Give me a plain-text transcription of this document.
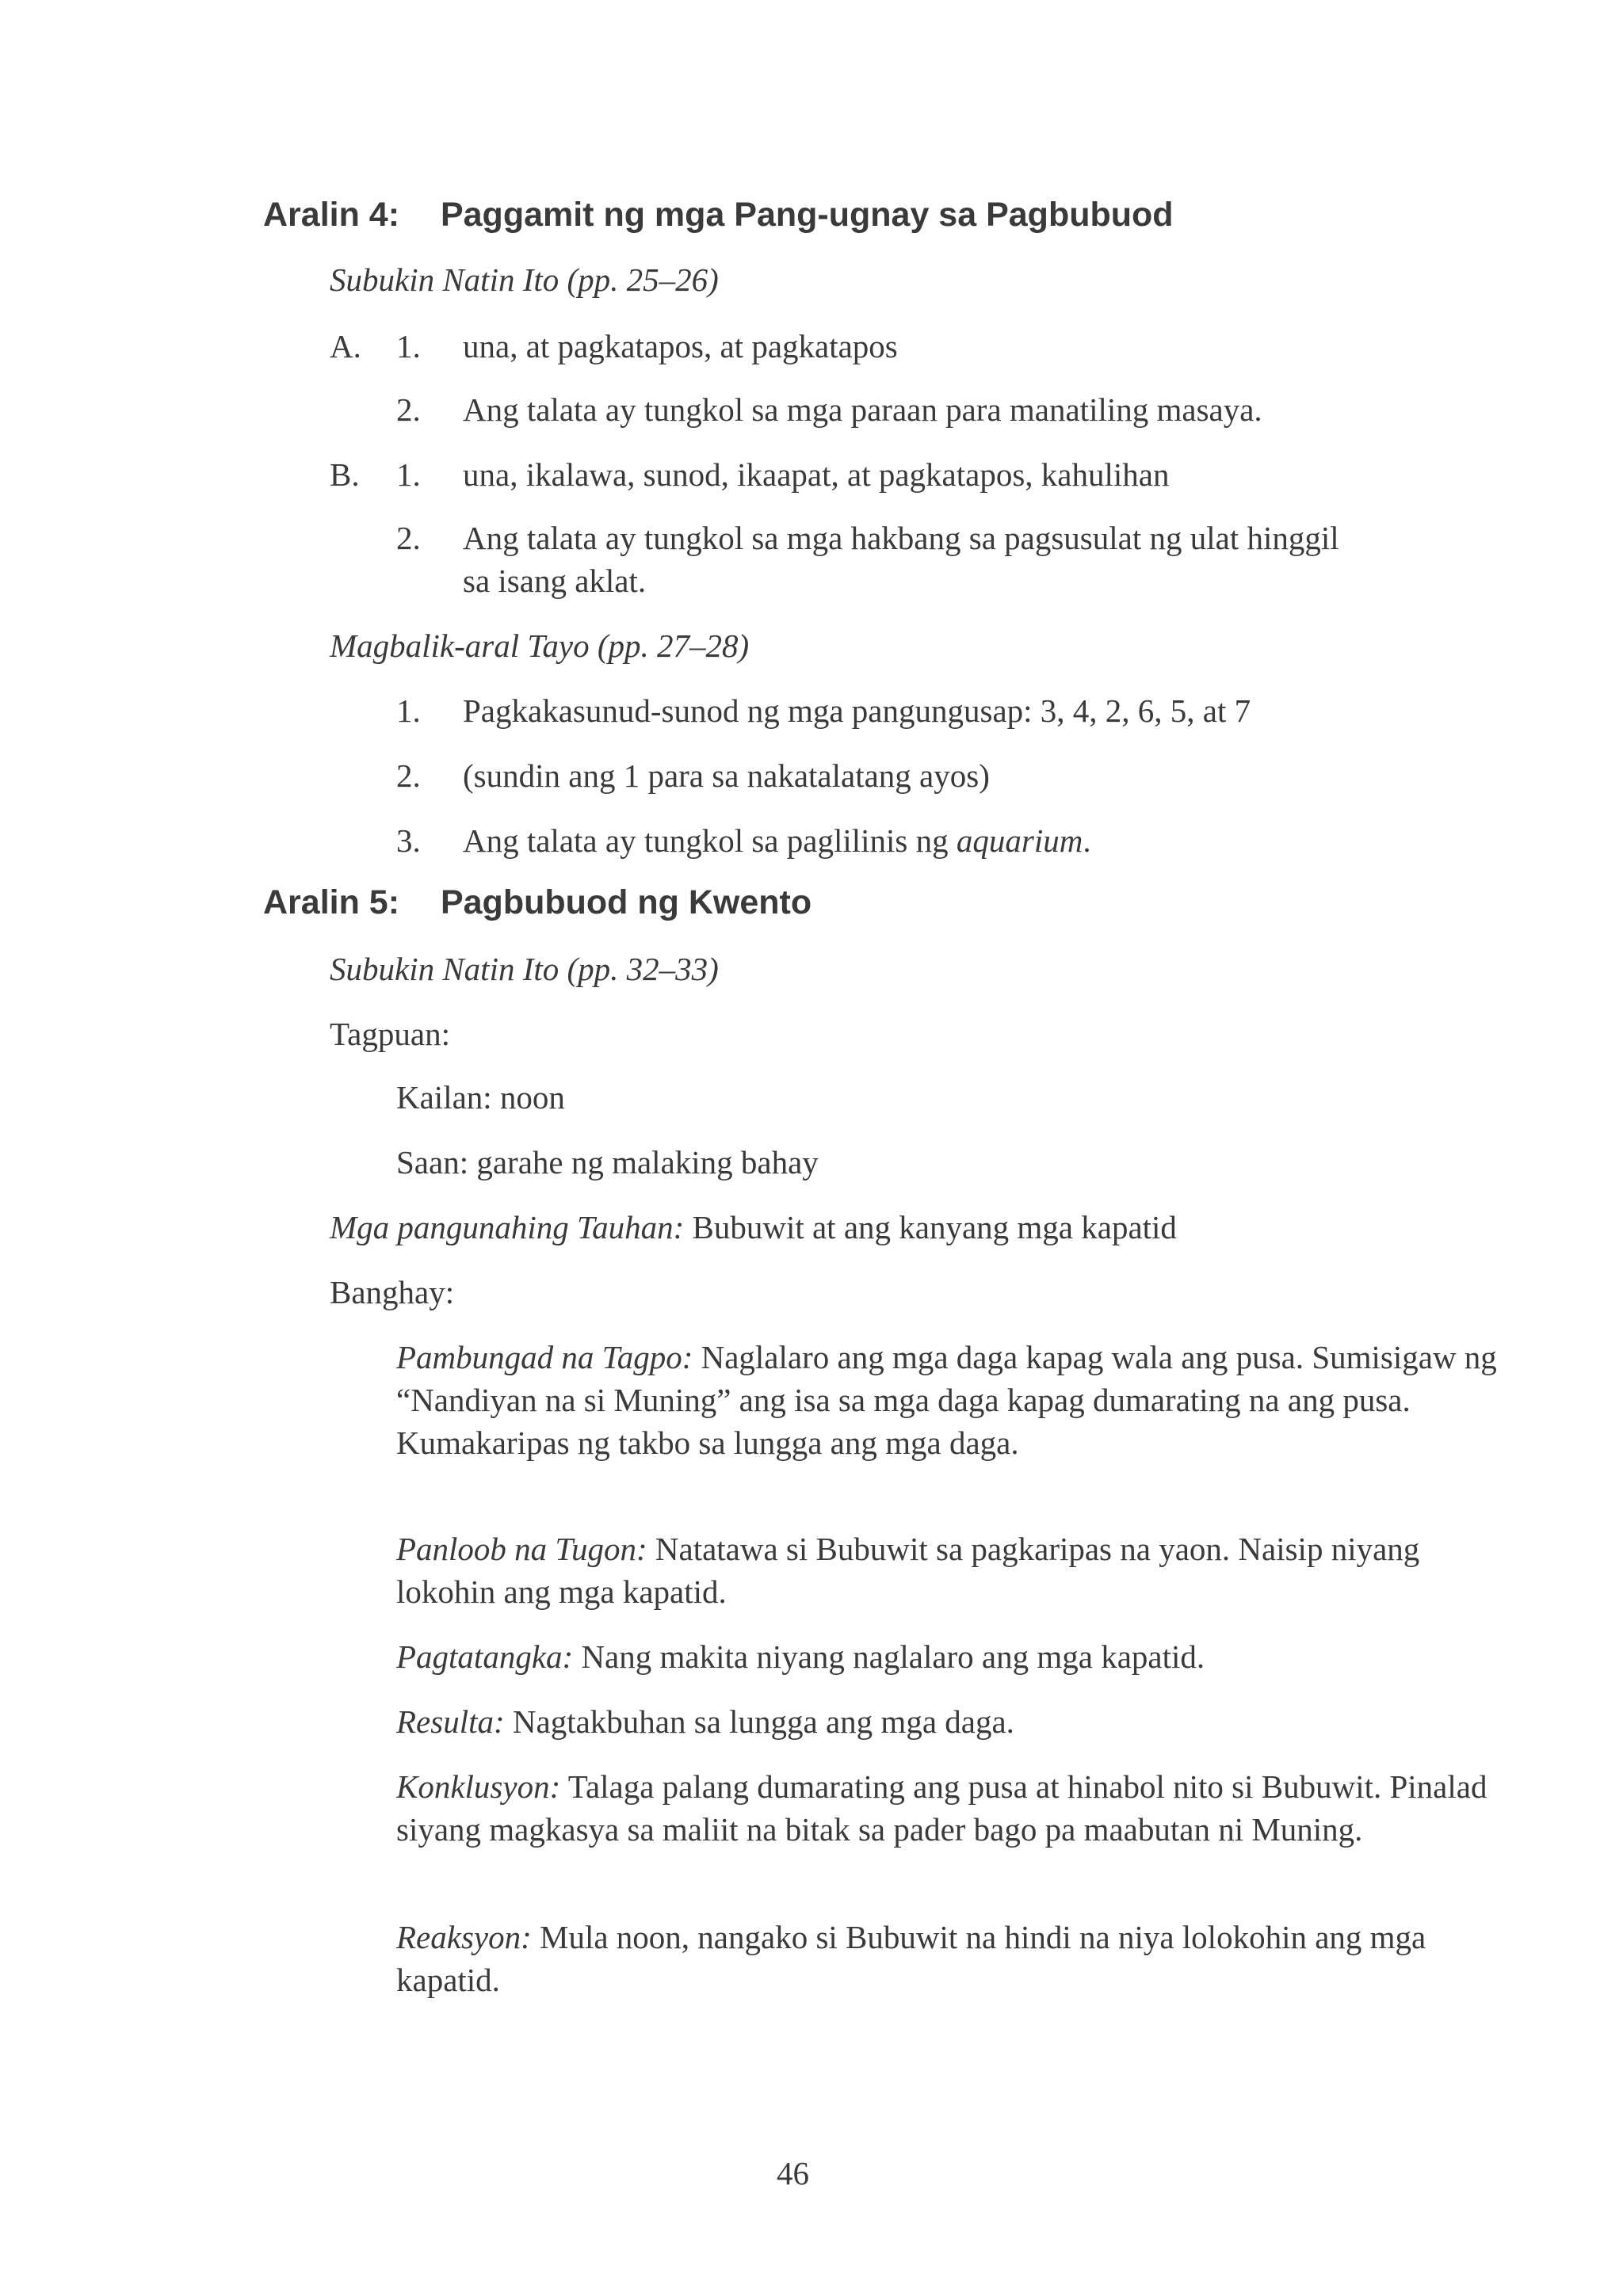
Aralin 4: Paggamit ng mga Pang-ugnay sa Pagbubuod
Subukin Natin Ito (pp. 25–26)
A. 1. una, at pagkatapos, at pagkatapos
2. Ang talata ay tungkol sa mga paraan para manatiling masaya.
B. 1. una, ikalawa, sunod, ikaapat, at pagkatapos, kahulihan
2. Ang talata ay tungkol sa mga hakbang sa pagsusulat ng ulat hinggil
sa isang aklat.
Magbalik-aral Tayo (pp. 27–28)
1. Pagkakasunud-sunod ng mga pangungusap: 3, 4, 2, 6, 5, at 7
2. (sundin ang 1 para sa nakatalatang ayos)
3. Ang talata ay tungkol sa paglilinis ng aquarium.
Aralin 5: Pagbubuod ng Kwento
Subukin Natin Ito (pp. 32–33)
Tagpuan:
Kailan: noon
Saan: garahe ng malaking bahay
Mga pangunahing Tauhan: Bubuwit at ang kanyang mga kapatid
Banghay:
Pambungad na Tagpo: Naglalaro ang mga daga kapag wala ang pusa. Sumisigaw ng “Nandiyan na si Muning” ang isa sa mga daga kapag dumarating na ang pusa. Kumakaripas ng takbo sa lungga ang mga daga.
Panloob na Tugon: Natatawa si Bubuwit sa pagkaripas na yaon. Naisip niyang lokohin ang mga kapatid.
Pagtatangka: Nang makita niyang naglalaro ang mga kapatid.
Resulta: Nagtakbuhan sa lungga ang mga daga.
Konklusyon: Talaga palang dumarating ang pusa at hinabol nito si Bubuwit. Pinalad siyang magkasya sa maliit na bitak sa pader bago pa maabutan ni Muning.
Reaksyon: Mula noon, nangako si Bubuwit na hindi na niya lolokohin ang mga kapatid.
46
